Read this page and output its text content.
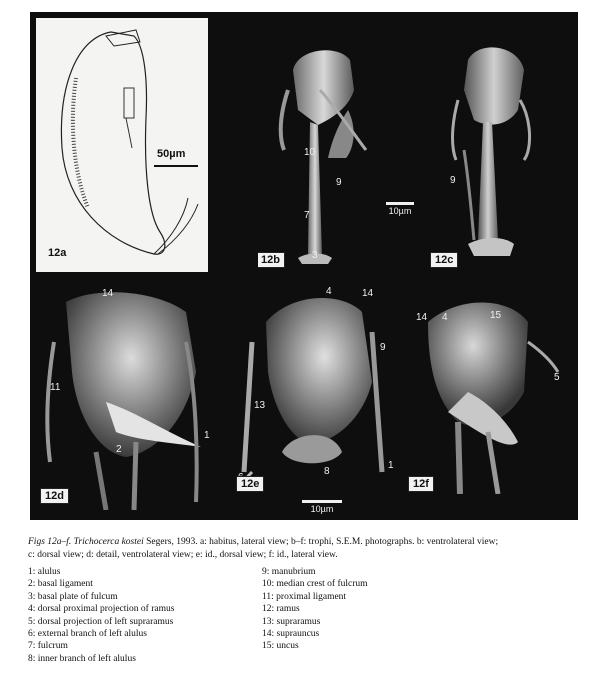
12a
50µm	10
9
7
3
12b
10µm
9
12c
14
11
2
1
12d
4	14
9
13
8
1
12e
10µm
14 4	15
5
12f

Figs 12a–f. Trichocerca kostei Segers, 1993. a: habitus, lateral view; b–f: trophi, S.E.M. photographs. b: ventrolateral view;

c: dorsal view; d: detail, ventrolateral view; e: id., dorsal view; f: id., lateral view.

1: alulus
2: basal ligament
3: basal plate of fulcum
4: dorsal proximal projection of ramus
5: dorsal projection of left supraramus
6: external branch of left alulus
7: fulcrum
8: inner branch of left alulus
9: manubrium
10: median crest of fulcrum
11: proximal ligament
12: ramus
13: supraramus
14: suprauncus
15: uncus
